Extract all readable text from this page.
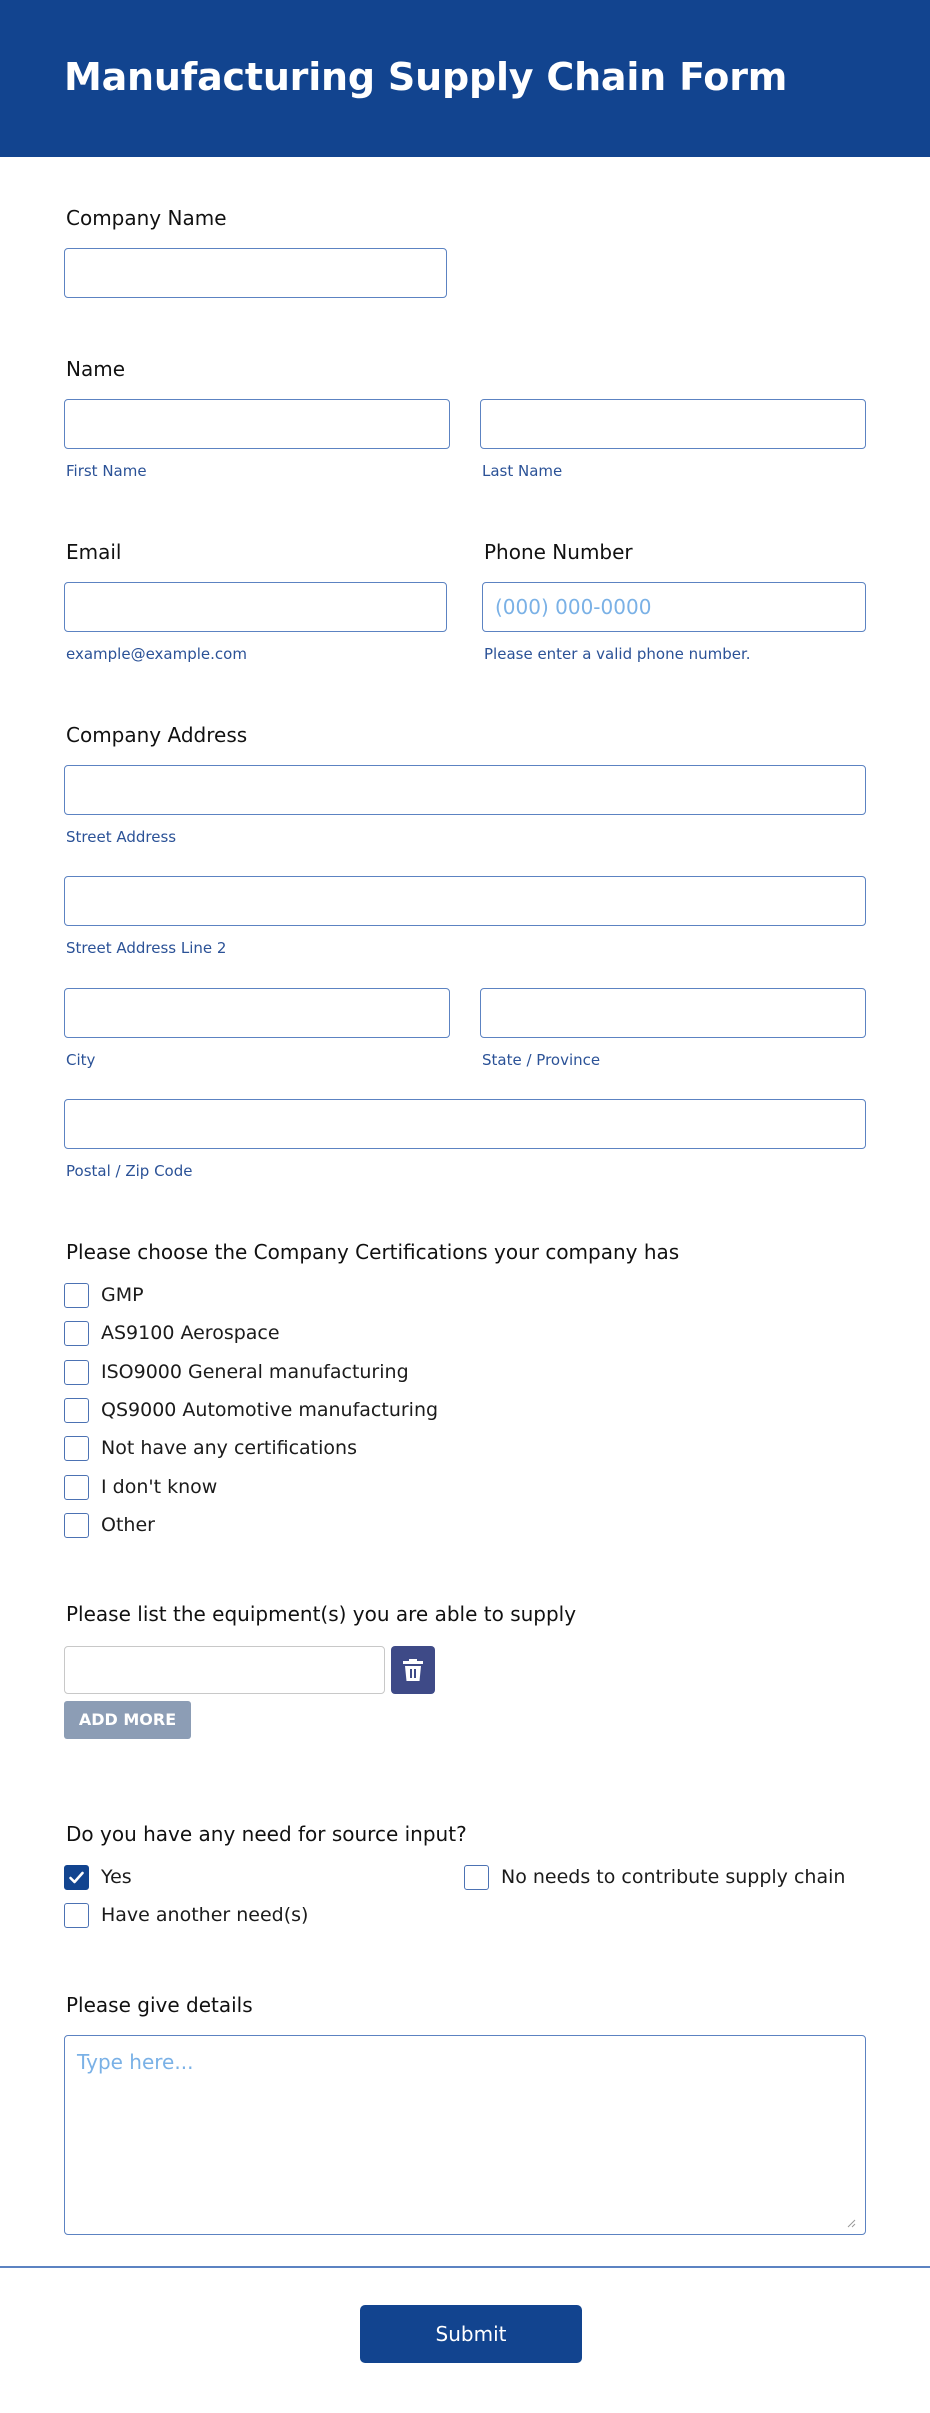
Manufacturing Supply Chain Form
Company Name
Name
First Name	Last Name
Email	Phone Number
(000) 000-0000
example@example.com	Please enter a valid phone number.
Company Address
Street Address
Street Address Line 2
City	State / Province
Postal / Zip Code
Please choose the Company Certifications your company has
GMP
AS9100 Aerospace
ISO9000 General manufacturing
QS9000 Automotive manufacturing
Not have any certifications
I don't know
Other
Please list the equipment(s) you are able to supply
ADD MORE
Do you have any need for source input?
Yes	No needs to contribute supply chain
Have another need(s)
Please give details
Type here...
Submit
